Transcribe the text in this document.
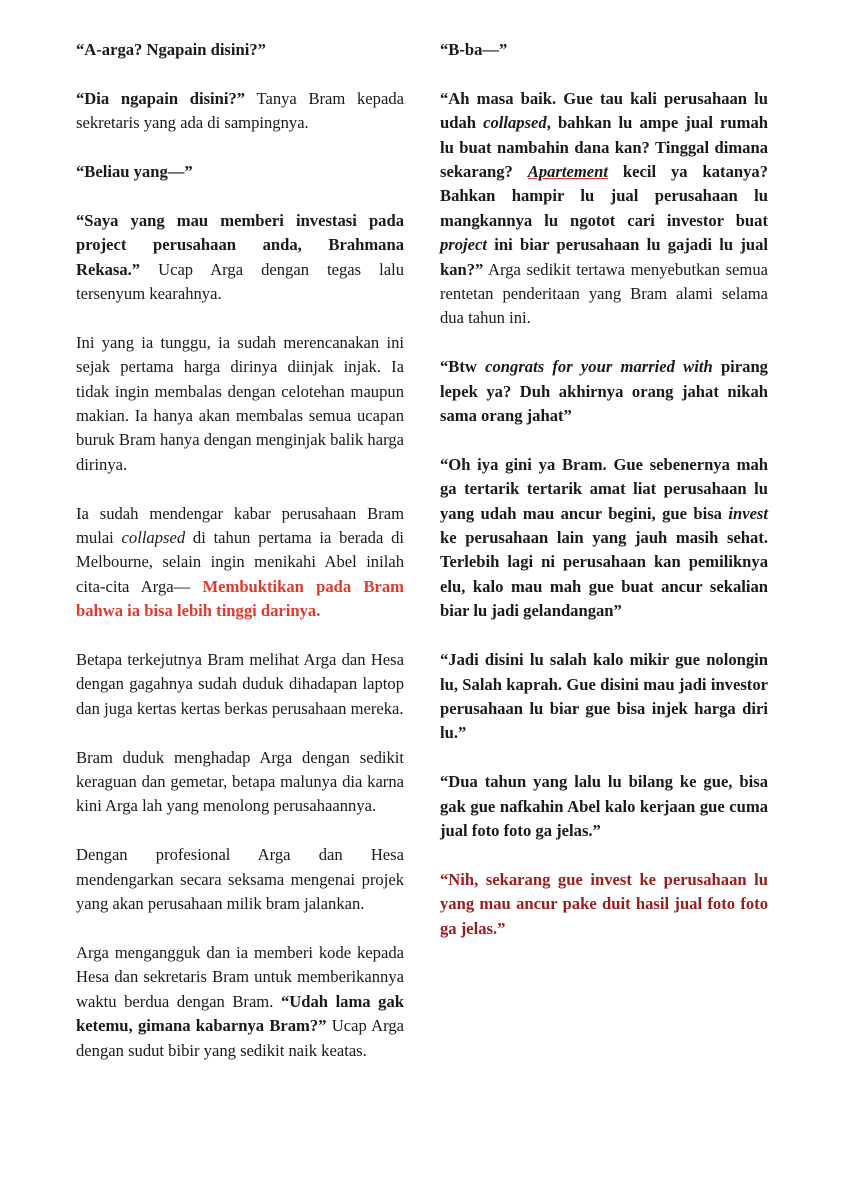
“A-arga? Ngapain disini?”

“Dia ngapain disini?” Tanya Bram kepada sekretaris yang ada di sampingnya.

“Beliau yang—”

“Saya yang mau memberi investasi pada project perusahaan anda, Brahmana Rekasa.” Ucap Arga dengan tegas lalu tersenyum kearahnya.

Ini yang ia tunggu, ia sudah merencanakan ini sejak pertama harga dirinya diinjak injak. Ia tidak ingin membalas dengan celotehan maupun makian. Ia hanya akan membalas semua ucapan buruk Bram hanya dengan menginjak balik harga dirinya.

Ia sudah mendengar kabar perusahaan Bram mulai collapsed di tahun pertama ia berada di Melbourne, selain ingin menikahi Abel inilah cita-cita Arga— Membuktikan pada Bram bahwa ia bisa lebih tinggi darinya.

Betapa terkejutnya Bram melihat Arga dan Hesa dengan gagahnya sudah duduk dihadapan laptop dan juga kertas kertas berkas perusahaan mereka.

Bram duduk menghadap Arga dengan sedikit keraguan dan gemetar, betapa malunya dia karna kini Arga lah yang menolong perusahaannya.

Dengan profesional Arga dan Hesa mendengarkan secara seksama mengenai projek yang akan perusahaan milik bram jalankan.

Arga mengangguk dan ia memberi kode kepada Hesa dan sekretaris Bram untuk memberikannya waktu berdua dengan Bram. “Udah lama gak ketemu, gimana kabarnya Bram?” Ucap Arga dengan sudut bibir yang sedikit naik keatas.

“B-ba—”

“Ah masa baik. Gue tau kali perusahaan lu udah collapsed, bahkan lu ampe jual rumah lu buat nambahin dana kan? Tinggal dimana sekarang? Apartement kecil ya katanya? Bahkan hampir lu jual perusahaan lu mangkannya lu ngotot cari investor buat project ini biar perusahaan lu gajadi lu jual kan?” Arga sedikit tertawa menyebutkan semua rentetan penderitaan yang Bram alami selama dua tahun ini.

“Btw congrats for your married with pirang lepek ya? Duh akhirnya orang jahat nikah sama orang jahat”

“Oh iya gini ya Bram. Gue sebenernya mah ga tertarik tertarik amat liat perusahaan lu yang udah mau ancur begini, gue bisa invest ke perusahaan lain yang jauh masih sehat. Terlebih lagi ni perusahaan kan pemiliknya elu, kalo mau mah gue buat ancur sekalian biar lu jadi gelandangan”

“Jadi disini lu salah kalo mikir gue nolongin lu, Salah kaprah. Gue disini mau jadi investor perusahaan lu biar gue bisa injek harga diri lu.”

“Dua tahun yang lalu lu bilang ke gue, bisa gak gue nafkahin Abel kalo kerjaan gue cuma jual foto foto ga jelas.”

“Nih, sekarang gue invest ke perusahaan lu yang mau ancur pake duit hasil jual foto foto ga jelas.”
